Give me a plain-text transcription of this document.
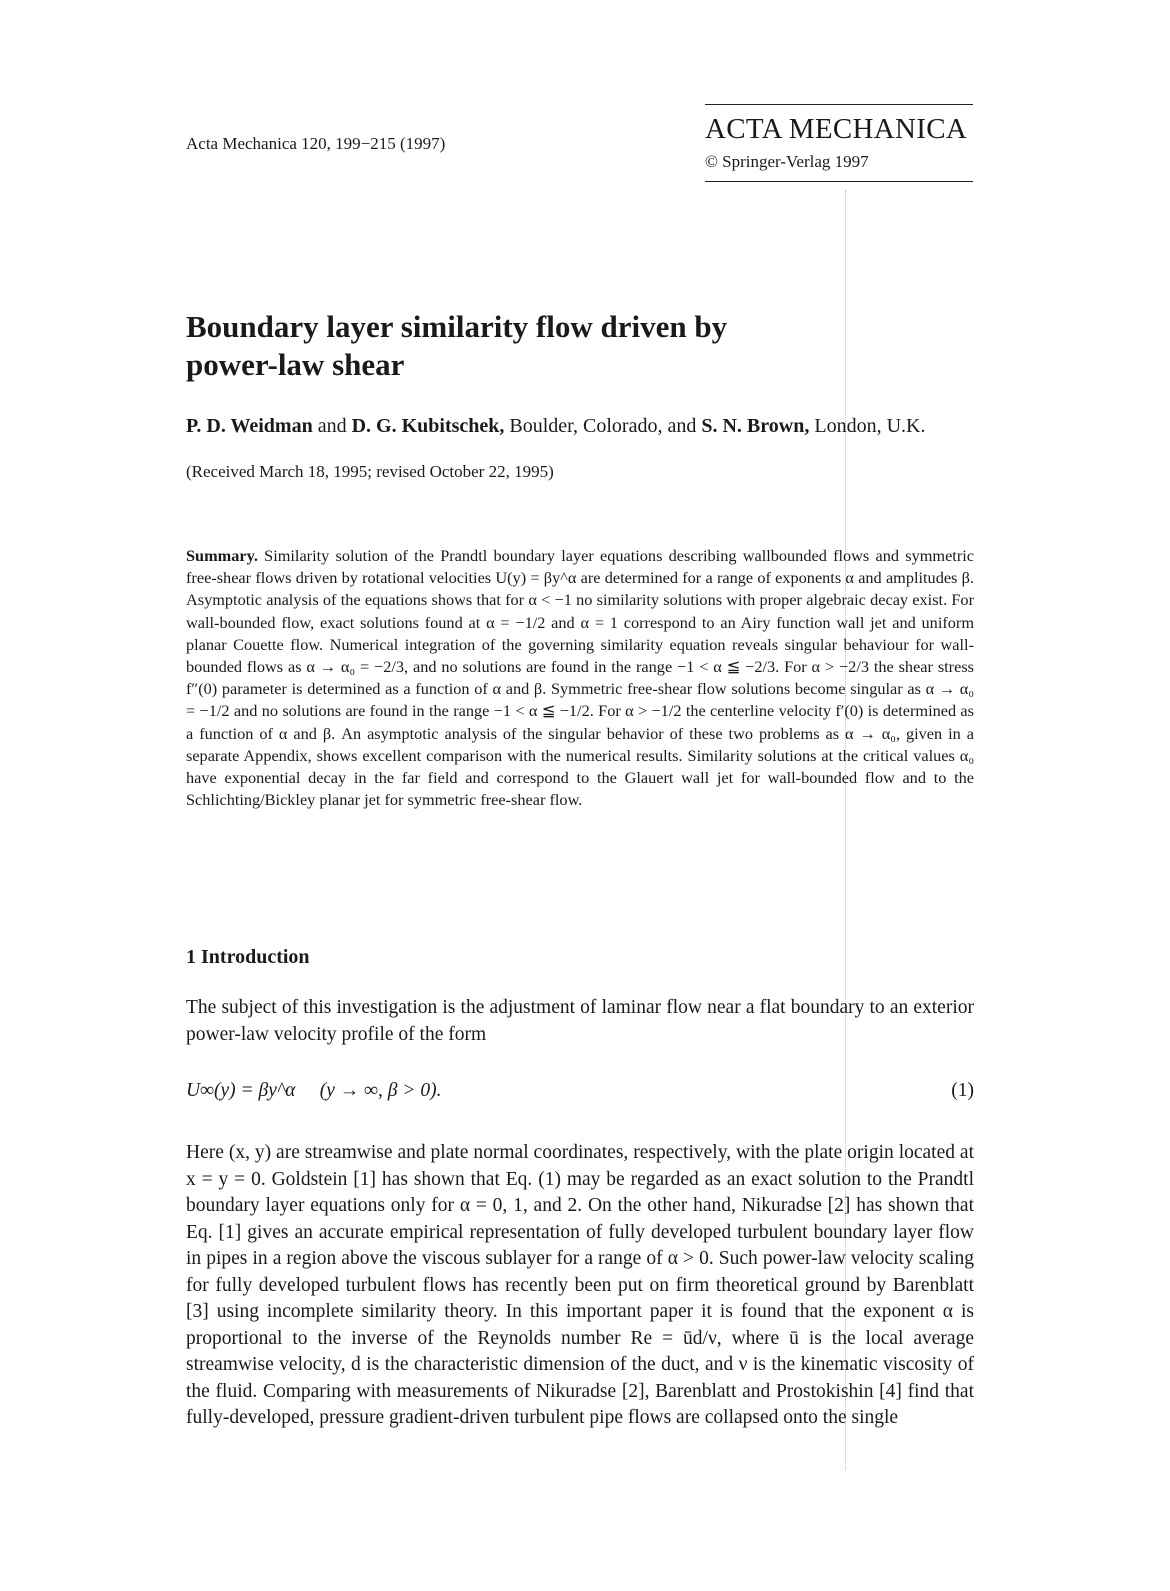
Acta Mechanica 120, 199−215 (1997)	ACTA MECHANICA
© Springer-Verlag 1997
Boundary layer similarity flow driven by
power-law shear
P. D. Weidman and D. G. Kubitschek, Boulder, Colorado, and S. N. Brown, London, U.K.
(Received March 18, 1995; revised October 22, 1995)
Summary. Similarity solution of the Prandtl boundary layer equations describing wallbounded flows and symmetric free-shear flows driven by rotational velocities U(y) = βy^α are determined for a range of exponents α and amplitudes β. Asymptotic analysis of the equations shows that for α < −1 no similarity solutions with proper algebraic decay exist. For wall-bounded flow, exact solutions found at α = −1/2 and α = 1 correspond to an Airy function wall jet and uniform planar Couette flow. Numerical integration of the governing similarity equation reveals singular behaviour for wall-bounded flows as α → α₀ = −2/3, and no solutions are found in the range −1 < α ≦ −2/3. For α > −2/3 the shear stress f″(0) parameter is determined as a function of α and β. Symmetric free-shear flow solutions become singular as α → α₀ = −1/2 and no solutions are found in the range −1 < α ≦ −1/2. For α > −1/2 the centerline velocity f′(0) is determined as a function of α and β. An asymptotic analysis of the singular behavior of these two problems as α → α₀, given in a separate Appendix, shows excellent comparison with the numerical results. Similarity solutions at the critical values α₀ have exponential decay in the far field and correspond to the Glauert wall jet for wall-bounded flow and to the Schlichting/Bickley planar jet for symmetric free-shear flow.
1 Introduction
The subject of this investigation is the adjustment of laminar flow near a flat boundary to an exterior power-law velocity profile of the form
U∞(y) = βy^α (y → ∞, β > 0).	(1)
Here (x, y) are streamwise and plate normal coordinates, respectively, with the plate origin located at x = y = 0. Goldstein [1] has shown that Eq. (1) may be regarded as an exact solution to the Prandtl boundary layer equations only for α = 0, 1, and 2. On the other hand, Nikuradse [2] has shown that Eq. [1] gives an accurate empirical representation of fully developed turbulent boundary layer flow in pipes in a region above the viscous sublayer for a range of α > 0. Such power-law velocity scaling for fully developed turbulent flows has recently been put on firm theoretical ground by Barenblatt [3] using incomplete similarity theory. In this important paper it is found that the exponent α is proportional to the inverse of the Reynolds number Re = ūd/ν, where ū is the local average streamwise velocity, d is the characteristic dimension of the duct, and ν is the kinematic viscosity of the fluid. Comparing with measurements of Nikuradse [2], Barenblatt and Prostokishin [4] find that fully-developed, pressure gradient-driven turbulent pipe flows are collapsed onto the single
